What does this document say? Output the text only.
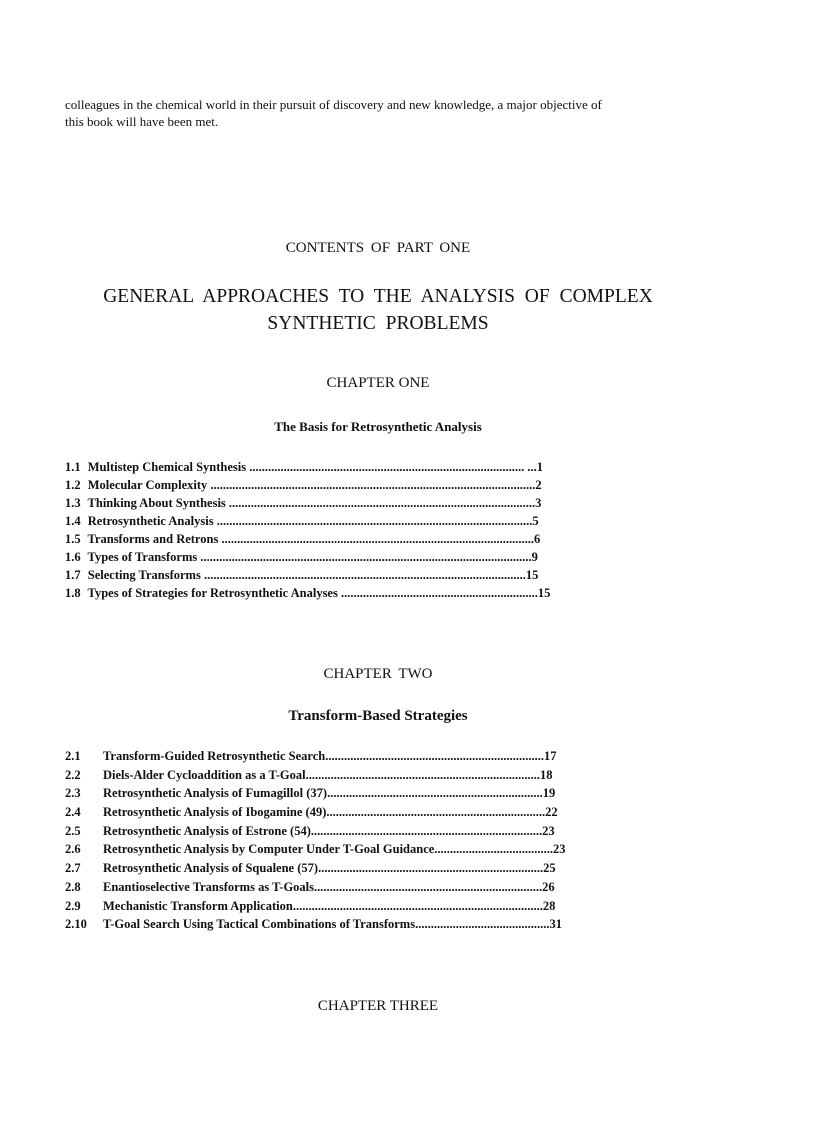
colleagues in the chemical world in their pursuit of discovery and new knowledge, a major objective of
this book will have been met.
CONTENTS OF PART ONE
GENERAL APPROACHES TO THE ANALYSIS OF COMPLEX
SYNTHETIC PROBLEMS
CHAPTER ONE
The Basis for Retrosynthetic Analysis
1.1 Multistep Chemical Synthesis ........................................................................................ ...1
1.2 Molecular Complexity ........................................................................................................2
1.3 Thinking About Synthesis ..................................................................................................3
1.4 Retrosynthetic Analysis .....................................................................................................5
1.5 Transforms and Retrons ....................................................................................................6
1.6 Types of Transforms ..........................................................................................................9
1.7 Selecting Transforms .......................................................................................................15
1.8 Types of Strategies for Retrosynthetic Analyses ...............................................................15
CHAPTER TWO
Transform-Based Strategies
2.1 Transform-Guided Retrosynthetic Search......................................................................17
2.2 Diels-Alder Cycloaddition as a T-Goal...........................................................................18
2.3 Retrosynthetic Analysis of Fumagillol (37).....................................................................19
2.4 Retrosynthetic Analysis of Ibogamine (49)......................................................................22
2.5 Retrosynthetic Analysis of Estrone (54)..........................................................................23
2.6 Retrosynthetic Analysis by Computer Under T-Goal Guidance......................................23
2.7 Retrosynthetic Analysis of Squalene (57)........................................................................25
2.8 Enantioselective Transforms as T-Goals.........................................................................26
2.9 Mechanistic Transform Application................................................................................28
2.10 T-Goal Search Using Tactical Combinations of Transforms...........................................31
CHAPTER THREE
